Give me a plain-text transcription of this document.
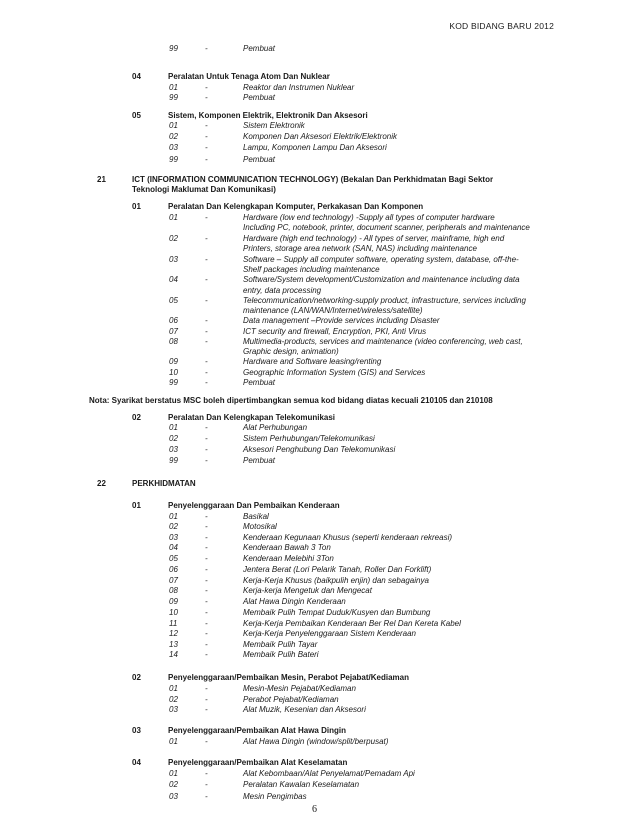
KOD BIDANG BARU 2012
99	-	Pembuat
04	Peralatan Untuk Tenaga Atom Dan Nuklear
01	-	Reaktor dan Instrumen Nuklear
99	-	Pembuat
05	Sistem, Komponen Elektrik, Elektronik Dan Aksesori
01	-	Sistem Elektronik
02	-	Komponen Dan Aksesori Elektrik/Elektronik
03	-	Lampu, Komponen Lampu Dan Aksesori
99	-	Pembuat
21	ICT (INFORMATION COMMUNICATION TECHNOLOGY) (Bekalan Dan Perkhidmatan Bagi Sektor
Teknologi Maklumat Dan Komunikasi)
01	Peralatan Dan Kelengkapan Komputer, Perkakasan Dan Komponen
01	-	Hardware (low end technology) -Supply all types of computer hardware
Including PC, notebook, printer, document scanner, peripherals and maintenance
02	-	Hardware (high end technology) - All types of server, mainframe, high end
Printers, storage area network (SAN, NAS) including maintenance
03	-	Software – Supply all computer software, operating system, database, off-the-
Shelf packages including maintenance
04	-	Software/System development/Customization and maintenance including data
entry, data processing
05	-	Telecommunication/networking-supply product, infrastructure, services including
maintenance (LAN/WAN/Internet/wireless/satellite)
06	-	Data management –Provide services including Disaster
07	-	ICT security and firewall, Encryption, PKI, Anti Virus
08	-	Multimedia-products, services and maintenance (video conferencing, web cast,
Graphic design, animation)
09	-	Hardware and Software leasing/renting
10	-	Geographic Information System (GIS) and Services
99	-	Pembuat
Nota: Syarikat berstatus MSC boleh dipertimbangkan semua kod bidang diatas kecuali 210105 dan 210108
02	Peralatan Dan Kelengkapan Telekomunikasi
01	-	Alat Perhubungan
02	-	Sistem Perhubungan/Telekomunikasi
03	-	Aksesori Penghubung Dan Telekomunikasi
99	-	Pembuat
22	PERKHIDMATAN
01	Penyelenggaraan Dan Pembaikan Kenderaan
01	-	Basikal
02	-	Motosikal
03	-	Kenderaan Kegunaan Khusus (seperti kenderaan rekreasi)
04	-	Kenderaan Bawah 3 Ton
05	-	Kenderaan Melebihi 3Ton
06	-	Jentera Berat (Lori Pelarik Tanah, Roller Dan Forklift)
07	-	Kerja-Kerja Khusus (baikpulih enjin) dan sebagainya
08	-	Kerja-kerja Mengetuk dan Mengecat
09	-	Alat Hawa Dingin Kenderaan
10	-	Membaik Pulih Tempat Duduk/Kusyen dan Bumbung
11	-	Kerja-Kerja Pembaikan Kenderaan Ber Rel Dan Kereta Kabel
12	-	Kerja-Kerja Penyelenggaraan Sistem Kenderaan
13	-	Membaik Pulih Tayar
14	-	Membaik Pulih Bateri
02	Penyelenggaraan/Pembaikan Mesin, Perabot Pejabat/Kediaman
01	-	Mesin-Mesin Pejabat/Kediaman
02	-	Perabot Pejabat/Kediaman
03	-	Alat Muzik, Kesenian dan Aksesori
03	Penyelenggaraan/Pembaikan Alat Hawa Dingin
01	-	Alat Hawa Dingin (window/split/berpusat)
04	Penyelenggaraan/Pembaikan Alat Keselamatan
01	-	Alat Kebombaan/Alat Penyelamat/Pemadam Api
02	-	Peralatan Kawalan Keselamatan
03	-	Mesin Pengimbas
6
